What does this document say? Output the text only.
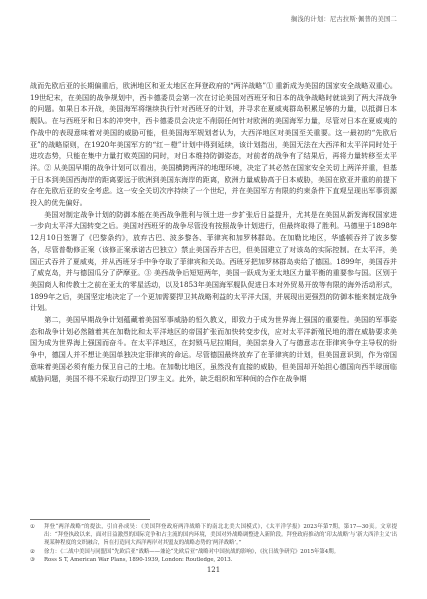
搁浅的计划：尼古拉斯·佩普的美国二

战而先欧后亚的长期偏重后，欧洲地区和亚太地区在拜登政府的“两洋战略”① 重新成为美国的国家安全战略双重心。19世纪末，在美国的战争规划中，西卡德委员会第一次在讨论美国对西班牙和日本的战争战略时就谈到了两大洋战争的问题。如果日本开战，美国海军将继续执行针对西班牙的计划，并寻求在夏威夷群岛积累足够的力量，以抵御日本舰队。在与西班牙和日本的冲突中，西卡德委员会决定不削弱任何针对欧洲的美国海军力量，尽管对日本在夏威夷的作战中的表现意味着对美国的威胁可能，但美国海军规划者认为，大西洋地区对美国至关重要。这一最初的“先欧后亚”的战略原则，在1920年美国军方的“红－橙”计划中得到延续，该计划指出，美国无法在大西洋和太平洋同时处于进攻态势，只能在集中力量打败英国的同时，对日本维持防御姿态，对前者的战争有了结果后，再将力量转移至太平洋。② 从美国早期的战争计划可以看出，美国横跨两洋的地理环境，决定了其必然在国家安全关切上两洋并重，但基于日本到美国西海岸的距离要远于欧洲到美国东海岸的距离，欧洲力量威胁高于日本威胁，美国在欧亚并重的前提下存在先欧后亚的安全考虑。这一安全关切次序持续了一个世纪，并在美国军方有限的约束条件下直观呈现出军事资源投入的优先偏好。

美国对制定战争计划的防御本能在美西战争胜利与领土进一步扩张后日益提升，尤其是在美国从新发海权国家进一步向太平洋大国转变之后。美国对西班牙的战争尽管没有按照战争计划进行，但最终取得了胜利。马德里于1898年12月10日签署了《巴黎条约》，放弃古巴、波多黎各、菲律宾和加罗林群岛。在加勒比地区，华盛顿吞并了波多黎各，尽管普勒修正案（该修正案承诺古巴独立）禁止美国吞并古巴，但美国建立了对该岛的实际控制。在太平洋，美国正式吞并了夏威夷，并从西班牙手中争夺取了菲律宾和关岛。西班牙把加罗林群岛卖给了德国。1899年，美国吞并了威克岛，并与德国瓜分了萨摩亚。③ 美西战争后短短两年，美国一跃成为亚太地区力量平衡的重要参与国。区别于美国商人和传教士之前在亚太的零星活动，以及1853年美国海军舰队促进日本对外贸易开放等有限的海外活动形式，1899年之后，美国坚定地决定了一个更加需要捍卫其战略利益的太平洋大国，并展现出更强烈的防御本能来制定战争计划。

第二，美国早期战争计划蕴藏着美国军事威胁的恒久教义，即致力于成为世界海上强国的重要性。美国的军事姿态和战争计划必然随着其在加勒比和太平洋地区的帝国扩张而加快转变步伐，应对太平洋新殖民地的潜在威胁要求美国为成为世界海上强国而奋斗。在太平洋地区，在封锁马尼拉期间，美国亲身入了与德意志在菲律宾争夺主导权的纷争中，德国人并不想让美国单独决定菲律宾的命运。尽管德国最终放弃了在菲律宾的计划，但美国意识到，作为帝国意味着美国必须有能力保卫自己的土地。在加勒比地区，虽然没有直接的威胁，但美国却开始担心德国向西半球面临威胁问题，美国不得不采取行动捍卫门罗主义。此外，缺乏组织和军种间的合作在战争期

①	拜登“两洋战略”的提法，引自孙成昊：《美国拜登政府两洋战略下的南北北美大国模式》，《太平洋学报》2023年第7期，第17—30页。文章提出：“拜登执政以来，面对日益激烈的国际竞争和占主流的国内环境，美国对外战略调整进入新阶段。拜登政府推动的‘印太战略’与‘新大西洋主义’出现某种程度的交织融合，旨在打造同大西洋两岸对其盟友的战略态势的‘两洋战略’。”
②	徐力：《二战中美国与同盟国“先欧后亚”战略——兼论“先欧后亚”战略对中国抗战的影响》，《抗日战争研究》2015年第4期。
③	Ross S T, American War Plans, 1890-1939, London: Routledge, 2013.
121
